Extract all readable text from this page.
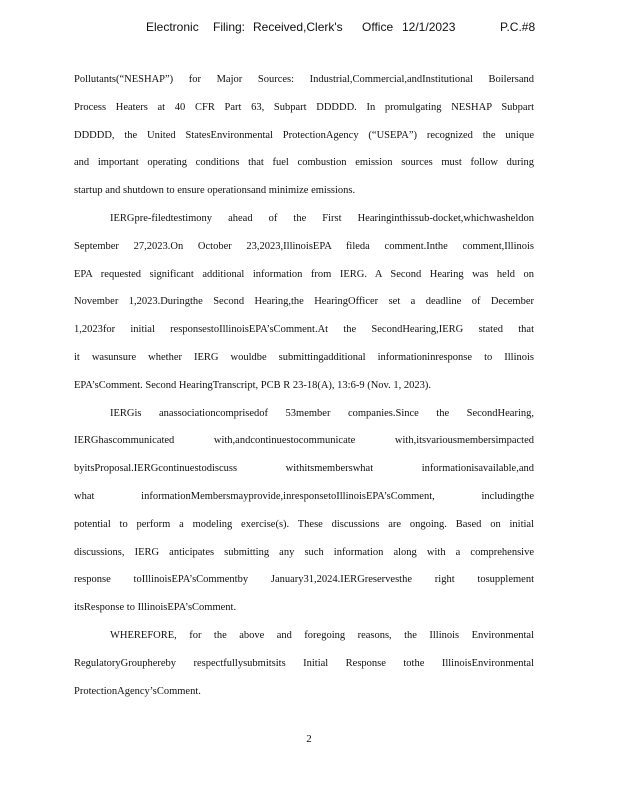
Electronic Filing: Received,Clerk's Office 12/1/2023	P.C.#8
Pollutants(“NESHAP”) for Major Sources: Industrial,Commercial,andInstitutional Boilersand
Process Heaters at 40 CFR Part 63, Subpart DDDDD. In promulgating NESHAP Subpart
DDDDD, the United StatesEnvironmental ProtectionAgency (“USEPA”) recognized the unique
and important operating conditions that fuel combustion emission sources must follow during
startup and shutdown to ensure operationsand minimize emissions.
IERGpre-filedtestimony ahead of the First Hearinginthissub-docket,whichwasheldon
September 27,2023.On October 23,2023,IllinoisEPA fileda comment.Inthe comment,Illinois
EPA requested significant additional information from IERG. A Second Hearing was held on
November 1,2023.Duringthe Second Hearing,the HearingOfficer set a deadline of December
1,2023for initial responsestoIllinoisEPA’sComment.At the SecondHearing,IERG stated that
it wasunsure whether IERG wouldbe submittingadditional informationinresponse to Illinois
EPA’sComment. Second HearingTranscript, PCB R 23-18(A), 13:6-9 (Nov. 1, 2023).
IERGis anassociationcomprisedof 53member companies.Since the SecondHearing,
IERGhascommunicated with,andcontinuestocommunicate with,itsvariousmembersimpacted
byitsProposal.IERGcontinuestodiscuss withitsmemberswhat informationisavailable,and
what informationMembersmayprovide,inresponsetoIllinoisEPA’sComment, includingthe
potential to perform a modeling exercise(s). These discussions are ongoing. Based on initial
discussions, IERG anticipates submitting any such information along with a comprehensive
response toIllinoisEPA’sCommentby January31,2024.IERGreservesthe right tosupplement
itsResponse to IllinoisEPA’sComment.
WHEREFORE, for the above and foregoing reasons, the Illinois Environmental
RegulatoryGrouphereby respectfullysubmitsits Initial Response tothe IllinoisEnvironmental
ProtectionAgency’sComment.
2
